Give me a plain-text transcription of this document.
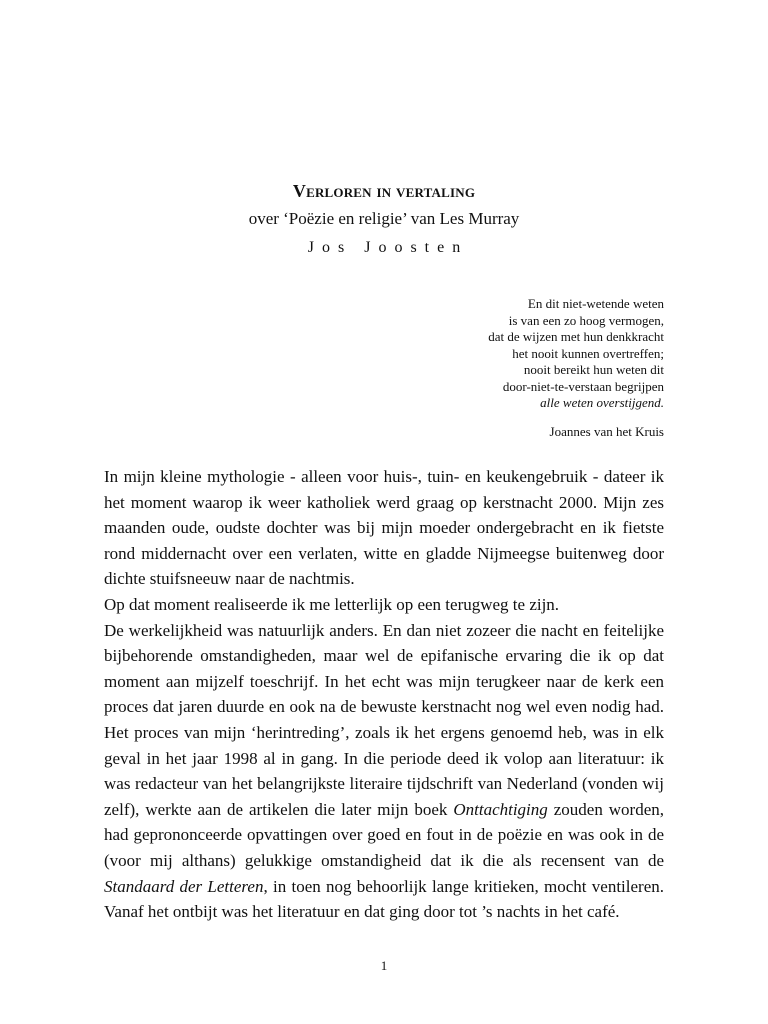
Verloren in vertaling

over ‘Poëzie en religie’ van Les Murray

Jos Joosten

En dit niet-wetende weten
is van een zo hoog vermogen,
dat de wijzen met hun denkkracht
het nooit kunnen overtreffen;
nooit bereikt hun weten dit
door-niet-te-verstaan begrijpen
alle weten overstijgend.
Joannes van het Kruis

In mijn kleine mythologie - alleen voor huis-, tuin- en keukengebruik - dateer ik het moment waarop ik weer katholiek werd graag op kerstnacht 2000. Mijn zes maanden oude, oudste dochter was bij mijn moeder ondergebracht en ik fietste rond middernacht over een verlaten, witte en gladde Nijmeegse buitenweg door dichte stuifsneeuw naar de nachtmis.

Op dat moment realiseerde ik me letterlijk op een terugweg te zijn.

De werkelijkheid was natuurlijk anders. En dan niet zozeer die nacht en feitelijke bijbehorende omstandigheden, maar wel de epifanische ervaring die ik op dat moment aan mijzelf toeschrijf. In het echt was mijn terugkeer naar de kerk een proces dat jaren duurde en ook na de bewuste kerstnacht nog wel even nodig had. Het proces van mijn ‘herintreding’, zoals ik het ergens genoemd heb, was in elk geval in het jaar 1998 al in gang. In die periode deed ik volop aan literatuur: ik was redacteur van het belangrijkste literaire tijdschrift van Nederland (vonden wij zelf), werkte aan de artikelen die later mijn boek Onttachtiging zouden worden, had geprononceerde opvattingen over goed en fout in de poëzie en was ook in de (voor mij althans) gelukkige omstandigheid dat ik die als recensent van de Standaard der Letteren, in toen nog behoorlijk lange kritieken, mocht ventileren. Vanaf het ontbijt was het literatuur en dat ging door tot ’s nachts in het café.

1
